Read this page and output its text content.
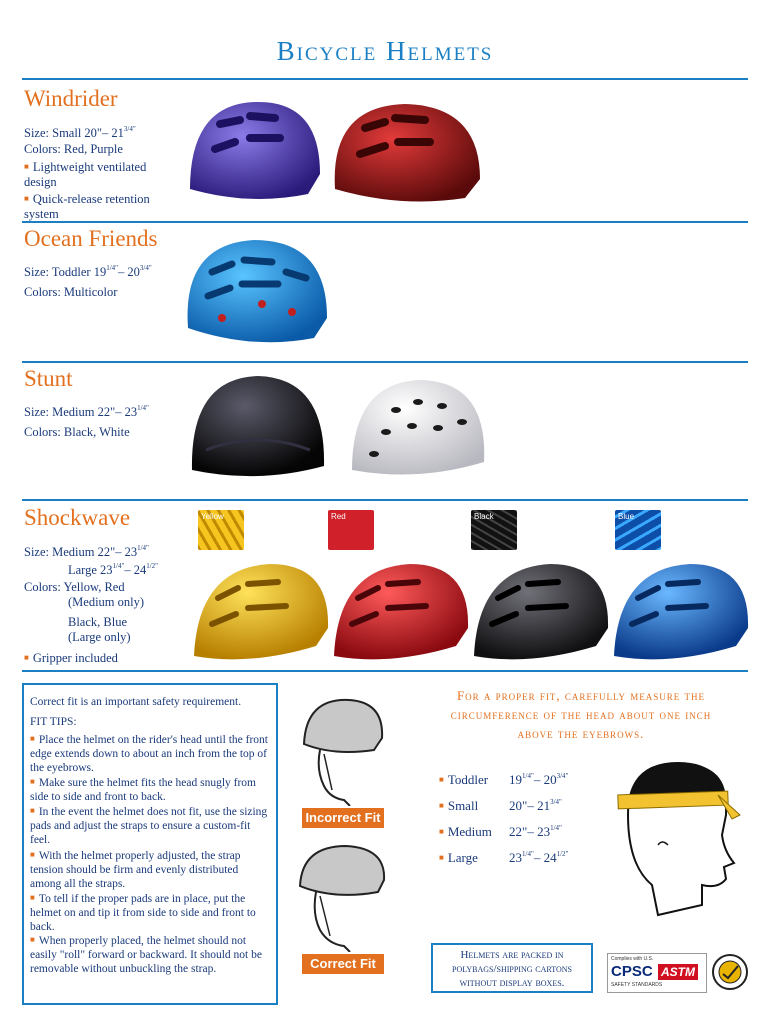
Bicycle Helmets
Windrider
Size: Small 20"– $21^{3/4"}$
Colors: Red, Purple
■ Lightweight ventilated design
■ Quick-release retention system
Ocean Friends
Size: Toddler $19^{1/4"}-$ $20^{3/4"}$
Colors: Multicolor
Stunt
Size: Medium 22"– $23^{1/4"}$
Colors: Black, White
Shockwave
Size: Medium 22"– $23^{1/4"}$
Large $23^{1/4"}-$ $24^{1/2"}$
Colors: Yellow, Red
(Medium only)
Black, Blue
(Large only)
■ Gripper included
Yellow	Red	Black	Blue
Correct fit is an important safety requirement.
FIT TIPS:
■ Place the helmet on the rider's head until the front edge extends down to about an inch from the top of the eyebrows.
■ Make sure the helmet fits the head snugly from side to side and front to back.
■ In the event the helmet does not fit, use the sizing pads and adjust the straps to ensure a custom-fit feel.
■ With the helmet properly adjusted, the strap tension should be firm and evenly distributed among all the straps.
■ To tell if the proper pads are in place, put the helmet on and tip it from side to side and front to back.
■ When properly placed, the helmet should not easily "roll" forward or backward. It should not be removable without unbuckling the strap.
Incorrect Fit
Correct Fit
For a proper fit, carefully measure the circumference of the head about one inch above the eyebrows.
■ Toddler $19^{1/4"}-$ $20^{3/4"}$
■ Small 20"– $21^{3/4"}$
■ Medium 22"– $23^{1/4"}$
■ Large $23^{1/4"}-$ $24^{1/2"}$
Helmets are packed in polybags/shipping cartons without display boxes.
Complies with U.S.
CPSC
SAFETY STANDARDS
ASTM
